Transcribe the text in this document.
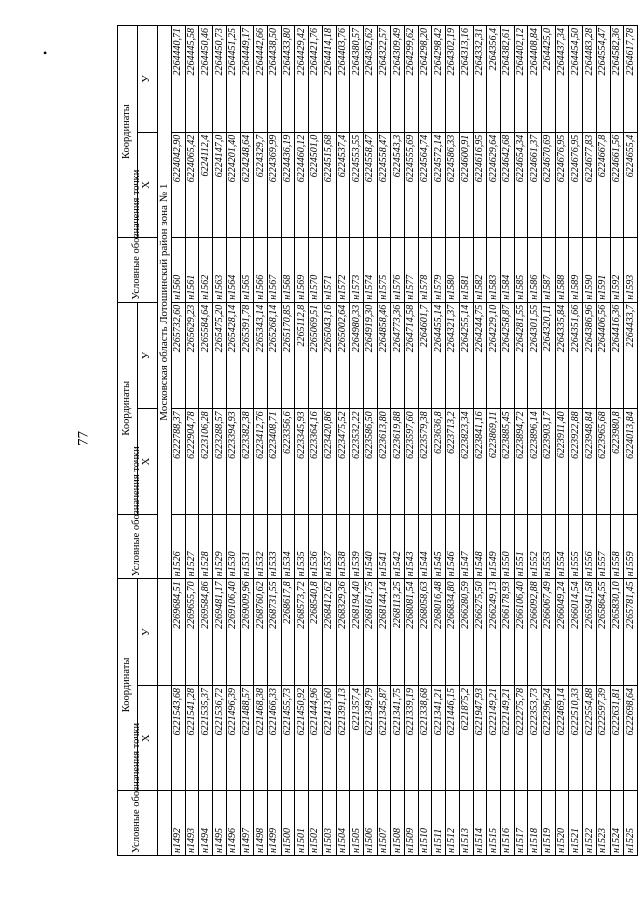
•
77
Условные обозначения точки	Координаты		Условные обозначения точки	Координаты		Условные обозначения точки	Координаты	
	X	У		X	У		X	У
			Московская область Лотошинский район зона № 1					
н1492	6221543,68	2269684,51	н1526	6222788,37	2265732,60	н1560	6224042,90	2264440,71
н1493	6221541,28	2269655,70	н1527	6222904,78	2265629,23	н1561	6224065,42	2264445,58
н1494	6221535,37	2269584,86	н1528	6223106,28	2265584,64	н1562	6224112,4	2264450,46
н1495	6221536,72	2269481,17	н1529	6223288,57	2265475,20	н1563	6224147,0	2264450,73
н1496	6221496,39	2269106,40	н1530	6223394,93	2265428,14	н1564	6224201,40	2264451,25
н1497	6221488,57	2269009,96	н1531	6223382,38	2265391,78	н1565	6224248,64	2264449,17
н1498	6221468,38	2268760,62	н1532	6223412,76	2265343,14	н1566	6224329,7	2264442,66
н1499	6221466,33	2268731,55	н1533	6223408,71	2265268,14	н1567	6224369,99	2264438,50
н1500	6221455,73	2268617,8	н1534	6223356,6	2265170,85	н1568	6224436,19	2264433,80
н1501	6221450,92	2268573,72	н1535	6223345,93	2265112,8	н1569	6224460,12	2264429,42
н1502	6221444,96	2268540,8	н1536	6223364,16	2265069,51	н1570	6224501,0	2264421,76
н1503	6221413,60	2268412,62	н1537	6223420,86	2265043,16	н1571	6224515,68	2264414,18
н1504	6221391,13	2268329,36	н1538	6223475,52	2265002,64	н1572	6224537,4	2264403,76
н1505	6221357,4	2268194,40	н1539	6223532,22	2264980,33	н1573	6224553,55	2264380,57
н1506	6221349,79	2268161,75	н1540	6223586,50	2264919,30	н1574	6224558,47	2264362,62
н1507	6221345,87	2268144,14	н1541	6223613,80	2264858,46	н1575	6224558,47	2264322,57
н1508	6221341,75	2268113,25	н1542	6223619,88	2264773,36	н1576	6224543,3	2264309,49
н1509	6221339,19	2268081,54	н1543	6223597,60	2264714,58	н1577	6224555,69	2264299,62
н1510	6221338,68	2268058,63	н1544	6223579,38	2264601,7	н1578	6224564,74	2264298,20
н1511	6221341,21	2268016,48	н1545	6223636,8	2264455,14	н1579	6224572,14	2264298,42
н1512	6221446,15	2266834,80	н1546	6223713,2	2264321,37	н1580	6224586,33	2264302,19
н1513	6221875,2	2266280,59	н1547	6223823,34	2264255,14	н1581	6224600,91	2264313,16
н1514	6221947,93	2266275,50	н1548	6223841,16	2264244,75	н1582	6224616,95	2264332,31
н1515	6222149,21	2266249,13	н1549	6223869,11	2264229,10	н1583	6224629,64	2264356,4
н1516	6222149,21	2266178,93	н1550	6223885,45	2264258,87	н1584	6224642,68	2264382,61
н1517	6222275,78	2266106,40	н1551	6223894,72	2264281,55	н1585	6224654,34	2264402,12
н1518	6222353,73	2266092,88	н1552	6223896,14	2264301,55	н1586	6224661,37	2264408,84
н1519	6222396,24	2266067,49	н1553	6223903,17	2264320,11	н1587	6224670,69	2264425,0
н1520	6222469,14	2266049,24	н1554	6223911,40	2264335,84	н1588	6224676,95	2264437,34
н1521	6222510,33	2266014,54	н1555	6223922,88	2264351,66	н1589	6224676,95	2264454,50
н1522	6222554,88	2265941,58	н1556	6223948,84	2264386,96	н1590	6224677,83	2264483,28
н1523	6222597,39	2265864,55	н1557	6223965,68	2264406,56	н1591	6224667,8	2264554,47
н1524	6222631,81	2265830,10	н1558	6223980,8	2264416,36	н1592	6224661,56	2264582,36
н1525	6222698,64	2265781,45	н1559	6224013,84	2264433,7	н1593	6224655,4	2264617,78
